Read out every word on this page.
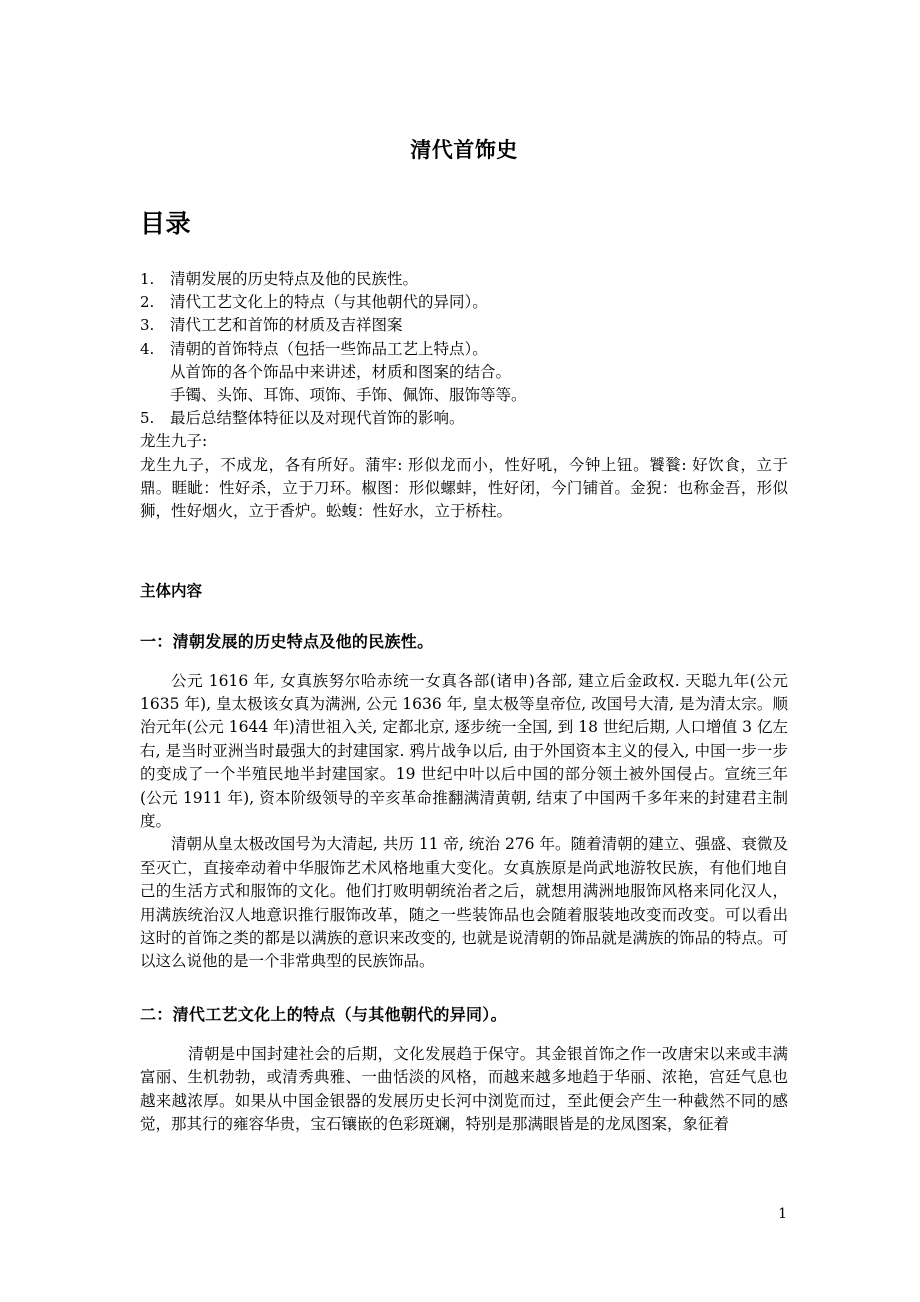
清代首饰史
目录
1. 清朝发展的历史特点及他的民族性。
2. 清代工艺文化上的特点（与其他朝代的异同）。
3. 清代工艺和首饰的材质及吉祥图案
4. 清朝的首饰特点（包括一些饰品工艺上特点）。
从首饰的各个饰品中来讲述，材质和图案的结合。
手镯、头饰、耳饰、项饰、手饰、佩饰、服饰等等。
5. 最后总结整体特征以及对现代首饰的影响。

龙生九子:

龙生九子，不成龙，各有所好。蒲牢: 形似龙而小，性好吼，今钟上钮。饕餮: 好饮食，立于鼎。睚眦：性好杀，立于刀环。椒图：形似螺蚌，性好闭，今门铺首。金猊：也称金吾，形似狮，性好烟火，立于香炉。蚣蝮：性好水，立于桥柱。

主体内容
一：清朝发展的历史特点及他的民族性。

公元 1616 年, 女真族努尔哈赤统一女真各部(诸申)各部, 建立后金政权. 天聪九年(公元 1635 年), 皇太极该女真为满洲, 公元 1636 年, 皇太极等皇帝位, 改国号大清, 是为清太宗。顺治元年(公元 1644 年)清世祖入关, 定都北京, 逐步统一全国, 到 18 世纪后期, 人口增值 3 亿左右, 是当时亚洲当时最强大的封建国家. 鸦片战争以后, 由于外国资本主义的侵入, 中国一步一步的变成了一个半殖民地半封建国家。19 世纪中叶以后中国的部分领土被外国侵占。宣统三年(公元 1911 年), 资本阶级领导的辛亥革命推翻满清黄朝, 结束了中国两千多年来的封建君主制度。

清朝从皇太极改国号为大清起, 共历 11 帝, 统治 276 年。随着清朝的建立、强盛、衰微及至灭亡，直接牵动着中华服饰艺术风格地重大变化。女真族原是尚武地游牧民族，有他们地自己的生活方式和服饰的文化。他们打败明朝统治者之后，就想用满洲地服饰风格来同化汉人，用满族统治汉人地意识推行服饰改革，随之一些装饰品也会随着服装地改变而改变。可以看出这时的首饰之类的都是以满族的意识来改变的, 也就是说清朝的饰品就是满族的饰品的特点。可以这么说他的是一个非常典型的民族饰品。

二：清代工艺文化上的特点（与其他朝代的异同）。

清朝是中国封建社会的后期，文化发展趋于保守。其金银首饰之作一改唐宋以来或丰满富丽、生机勃勃，或清秀典雅、一曲恬淡的风格，而越来越多地趋于华丽、浓艳，宫廷气息也越来越浓厚。如果从中国金银器的发展历史长河中浏览而过，至此便会产生一种截然不同的感觉，那其行的雍容华贵，宝石镶嵌的色彩斑斓，特别是那满眼皆是的龙凤图案，象征着

1
